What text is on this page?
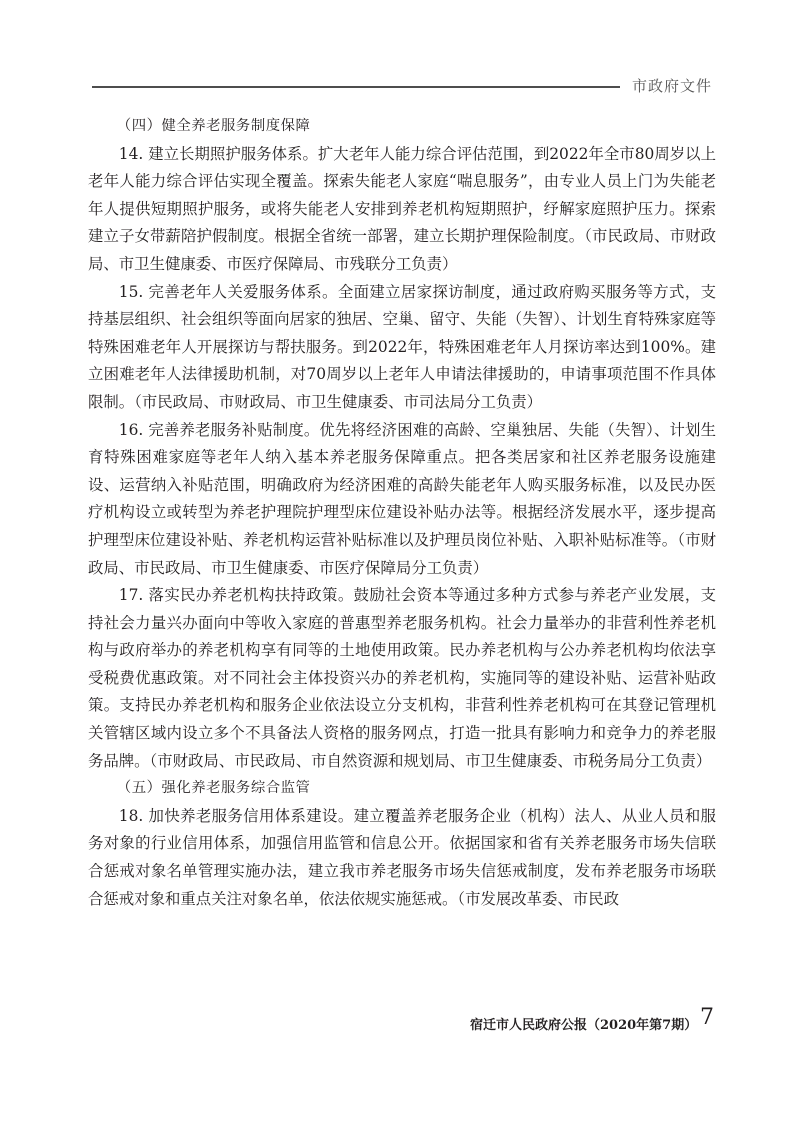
市政府文件

（四）健全养老服务制度保障

14. 建立长期照护服务体系。扩大老年人能力综合评估范围，到2022年全市80周岁以上老年人能力综合评估实现全覆盖。探索失能老人家庭“喘息服务”，由专业人员上门为失能老年人提供短期照护服务，或将失能老人安排到养老机构短期照护，纾解家庭照护压力。探索建立子女带薪陪护假制度。根据全省统一部署，建立长期护理保险制度。（市民政局、市财政局、市卫生健康委、市医疗保障局、市残联分工负责）

15. 完善老年人关爱服务体系。全面建立居家探访制度，通过政府购买服务等方式，支持基层组织、社会组织等面向居家的独居、空巢、留守、失能（失智）、计划生育特殊家庭等特殊困难老年人开展探访与帮扶服务。到2022年，特殊困难老年人月探访率达到100%。建立困难老年人法律援助机制，对70周岁以上老年人申请法律援助的，申请事项范围不作具体限制。（市民政局、市财政局、市卫生健康委、市司法局分工负责）

16. 完善养老服务补贴制度。优先将经济困难的高龄、空巢独居、失能（失智）、计划生育特殊困难家庭等老年人纳入基本养老服务保障重点。把各类居家和社区养老服务设施建设、运营纳入补贴范围，明确政府为经济困难的高龄失能老年人购买服务标准，以及民办医疗机构设立或转型为养老护理院护理型床位建设补贴办法等。根据经济发展水平，逐步提高护理型床位建设补贴、养老机构运营补贴标准以及护理员岗位补贴、入职补贴标准等。（市财政局、市民政局、市卫生健康委、市医疗保障局分工负责）

17. 落实民办养老机构扶持政策。鼓励社会资本等通过多种方式参与养老产业发展，支持社会力量兴办面向中等收入家庭的普惠型养老服务机构。社会力量举办的非营利性养老机构与政府举办的养老机构享有同等的土地使用政策。民办养老机构与公办养老机构均依法享受税费优惠政策。对不同社会主体投资兴办的养老机构，实施同等的建设补贴、运营补贴政策。支持民办养老机构和服务企业依法设立分支机构，非营利性养老机构可在其登记管理机关管辖区域内设立多个不具备法人资格的服务网点，打造一批具有影响力和竞争力的养老服务品牌。（市财政局、市民政局、市自然资源和规划局、市卫生健康委、市税务局分工负责）

（五）强化养老服务综合监管

18. 加快养老服务信用体系建设。建立覆盖养老服务企业（机构）法人、从业人员和服务对象的行业信用体系，加强信用监管和信息公开。依据国家和省有关养老服务市场失信联合惩戒对象名单管理实施办法，建立我市养老服务市场失信惩戒制度，发布养老服务市场联合惩戒对象和重点关注对象名单，依法依规实施惩戒。（市发展改革委、市民政

宿迁市人民政府公报（2020年第7期） 7
